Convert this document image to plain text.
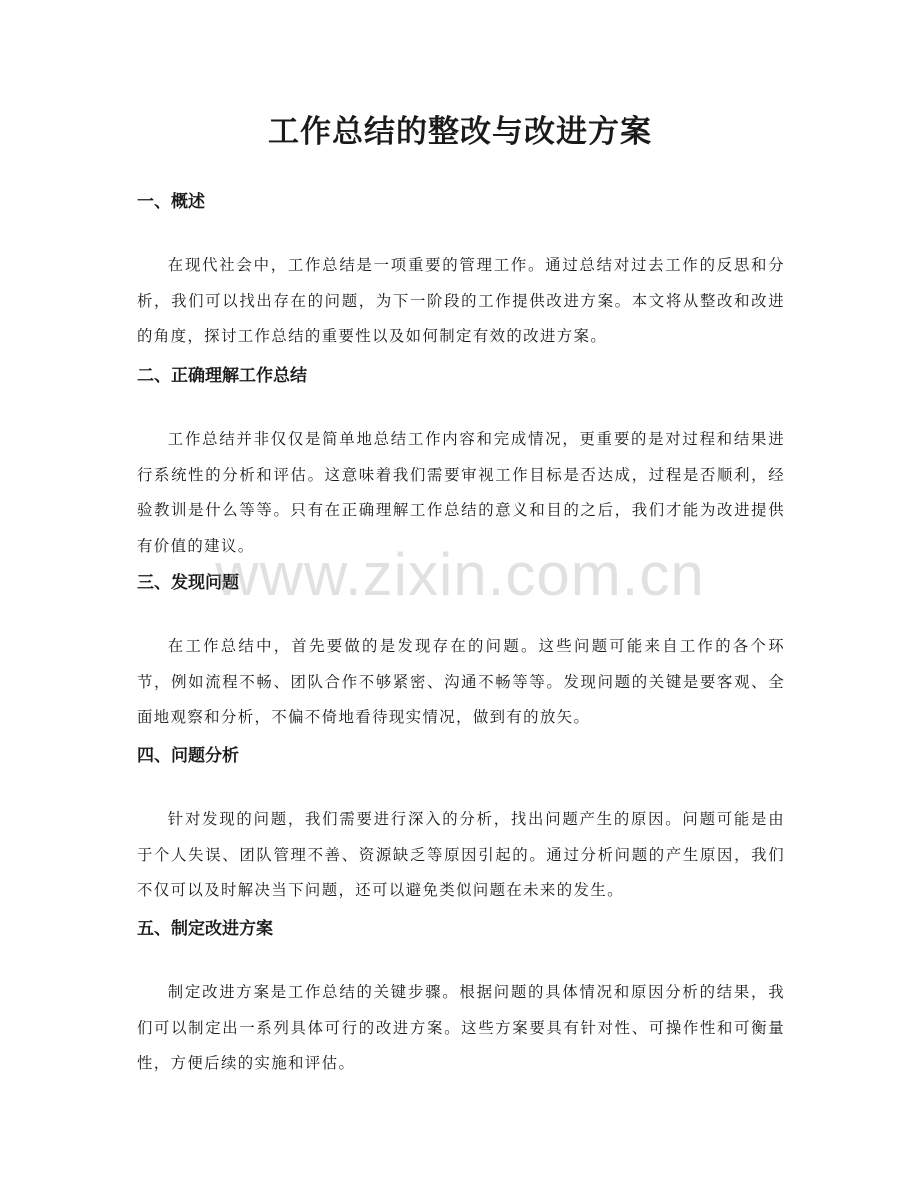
工作总结的整改与改进方案
一、概述

在现代社会中，工作总结是一项重要的管理工作。通过总结对过去工作的反思和分析，我们可以找出存在的问题，为下一阶段的工作提供改进方案。本文将从整改和改进的角度，探讨工作总结的重要性以及如何制定有效的改进方案。

二、正确理解工作总结

工作总结并非仅仅是简单地总结工作内容和完成情况，更重要的是对过程和结果进行系统性的分析和评估。这意味着我们需要审视工作目标是否达成，过程是否顺利，经验教训是什么等等。只有在正确理解工作总结的意义和目的之后，我们才能为改进提供有价值的建议。

三、发现问题

在工作总结中，首先要做的是发现存在的问题。这些问题可能来自工作的各个环节，例如流程不畅、团队合作不够紧密、沟通不畅等等。发现问题的关键是要客观、全面地观察和分析，不偏不倚地看待现实情况，做到有的放矢。

四、问题分析

针对发现的问题，我们需要进行深入的分析，找出问题产生的原因。问题可能是由于个人失误、团队管理不善、资源缺乏等原因引起的。通过分析问题的产生原因，我们不仅可以及时解决当下问题，还可以避免类似问题在未来的发生。

五、制定改进方案

制定改进方案是工作总结的关键步骤。根据问题的具体情况和原因分析的结果，我们可以制定出一系列具体可行的改进方案。这些方案要具有针对性、可操作性和可衡量性，方便后续的实施和评估。

www.zixin.com.cn
